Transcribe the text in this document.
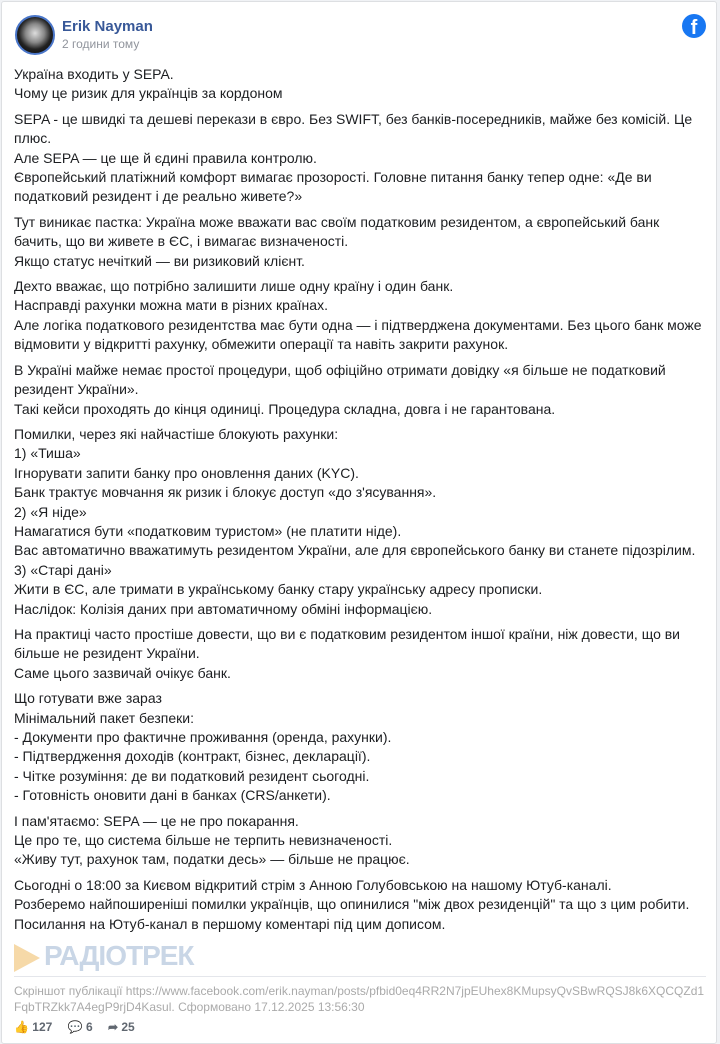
Erik Nayman
2 години тому
f

Україна входить у SEPA.
Чому це ризик для українців за кордоном

SEPA - це швидкі та дешеві перекази в євро. Без SWIFT, без банків-посередників, майже без комісій. Це плюс.
Але SEPA — це ще й єдині правила контролю.
Європейський платіжний комфорт вимагає прозорості. Головне питання банку тепер одне: «Де ви податковий резидент і де реально живете?»

Тут виникає пастка: Україна може вважати вас своїм податковим резидентом, а європейський банк бачить, що ви живете в ЄС, і вимагає визначеності.
Якщо статус нечіткий — ви ризиковий клієнт.

Дехто вважає, що потрібно залишити лише одну країну і один банк.
Насправді рахунки можна мати в різних країнах.
Але логіка податкового резидентства має бути одна — і підтверджена документами. Без цього банк може відмовити у відкритті рахунку, обмежити операції та навіть закрити рахунок.

В Україні майже немає простої процедури, щоб офіційно отримати довідку «я більше не податковий резидент України».
Такі кейси проходять до кінця одиниці. Процедура складна, довга і не гарантована.

Помилки, через які найчастіше блокують рахунки:
1) «Тиша»
Ігнорувати запити банку про оновлення даних (KYC).
Банк трактує мовчання як ризик і блокує доступ «до з'ясування».
2) «Я ніде»
Намагатися бути «податковим туристом» (не платити ніде).
Вас автоматично вважатимуть резидентом України, але для європейського банку ви станете підозрілим.
3) «Старі дані»
Жити в ЄС, але тримати в українському банку стару українську адресу прописки.
Наслідок: Колізія даних при автоматичному обміні інформацією.

На практиці часто простіше довести, що ви є податковим резидентом іншої країни, ніж довести, що ви більше не резидент України.
Саме цього зазвичай очікує банк.

Що готувати вже зараз
Мінімальний пакет безпеки:
- Документи про фактичне проживання (оренда, рахунки).
- Підтвердження доходів (контракт, бізнес, декларації).
- Чітке розуміння: де ви податковий резидент сьогодні.
- Готовність оновити дані в банках (CRS/анкети).

І пам'ятаємо: SEPA — це не про покарання.
Це про те, що система більше не терпить невизначеності.
«Живу тут, рахунок там, податки десь» — більше не працює.

Сьогодні о 18:00 за Києвом відкритий стрім з Анною Голубовською на нашому Ютуб-каналі.
Розберемо найпоширеніші помилки українців, що опинилися "між двох резиденцій" та що з цим робити.
Посилання на Ютуб-канал в першому коментарі під цим дописом.

РАДІОТРЕК
Скріншот публікації https://www.facebook.com/erik.nayman/posts/pfbid0eq4RR2N7jpEUhex8KMupsyQvSBwRQSJ8k6XQCQZd1FqbTRZkk7A4egP9rjD4Kasul. Сформовано 17.12.2025 13:56:30
👍 127 💬 6 ➦ 25
